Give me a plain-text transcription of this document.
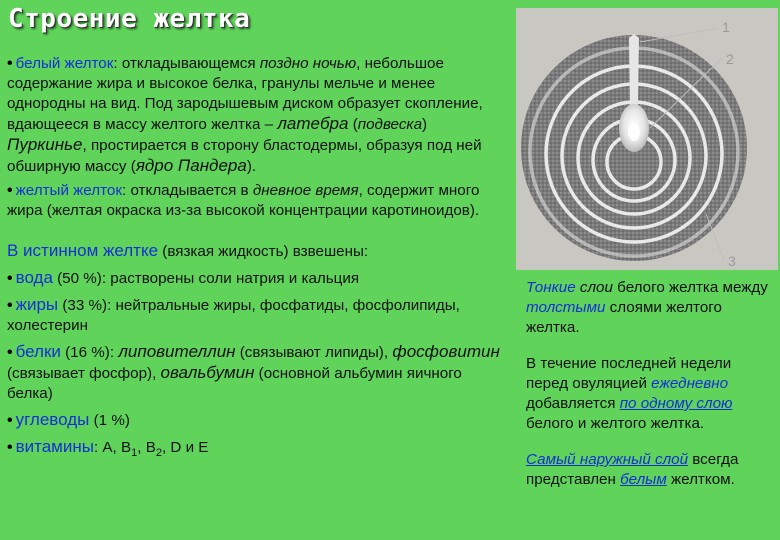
Строение желтка

• белый желток: откладывающемся поздно ночью, небольшое содержание жира и высокое белка, гранулы мельче и менее однородны на вид. Под зародышевым диском образует скопление, вдающееся в массу желтого желтка – латебра (подвеска) Пуркинье, простирается в сторону бластодермы, образуя под ней обширную массу (ядро Пандера).

• желтый желток: откладывается в дневное время, содержит много жира (желтая окраска из-за высокой концентрации каротиноидов).

В истинном желтке (вязкая жидкость) взвешены:

• вода (50 %): растворены соли натрия и кальция

• жиры (33 %): нейтральные жиры, фосфатиды, фосфолипиды, холестерин

• белки (16 %): липовителлин (связывают липиды), фосфовитин (связывает фосфор), овальбумин (основной альбумин яичного белка)

• углеводы (1 %)

• витамины: A, $B_1$, $B_2$, D и E

1
2
3

Тонкие слои белого желтка между толстыми слоями желтого желтка.

В течение последней недели перед овуляцией ежедневно добавляется по одному слою белого и желтого желтка.

Самый наружный слой всегда представлен белым желтком.
